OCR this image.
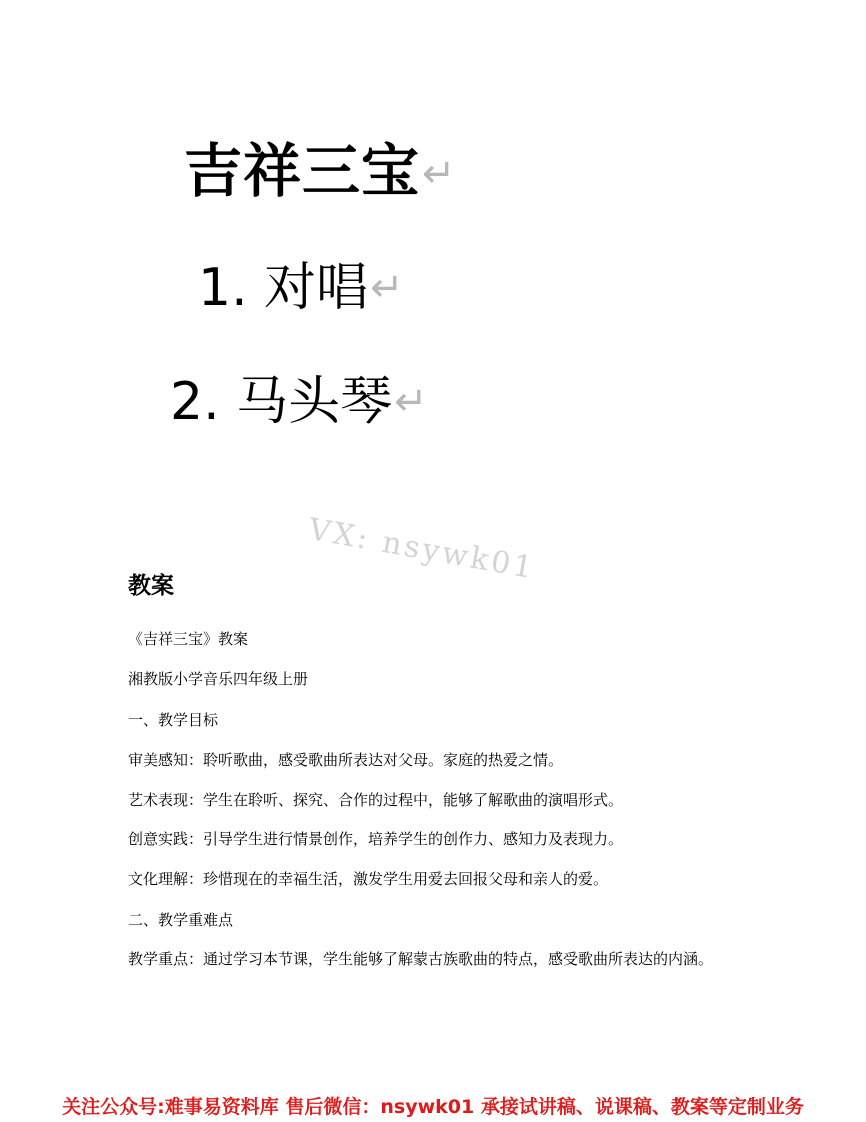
吉祥三宝↵
1. 对唱↵
2. 马头琴↵
VX: nsywk01
教案
《吉祥三宝》教案
湘教版小学音乐四年级上册
一、教学目标
审美感知：聆听歌曲，感受歌曲所表达对父母。家庭的热爱之情。
艺术表现：学生在聆听、探究、合作的过程中，能够了解歌曲的演唱形式。
创意实践：引导学生进行情景创作，培养学生的创作力、感知力及表现力。
文化理解：珍惜现在的幸福生活，激发学生用爱去回报父母和亲人的爱。
二、教学重难点
教学重点：通过学习本节课，学生能够了解蒙古族歌曲的特点，感受歌曲所表达的内涵。
关注公众号:难事易资料库 售后微信：nsywk01 承接试讲稿、说课稿、教案等定制业务
